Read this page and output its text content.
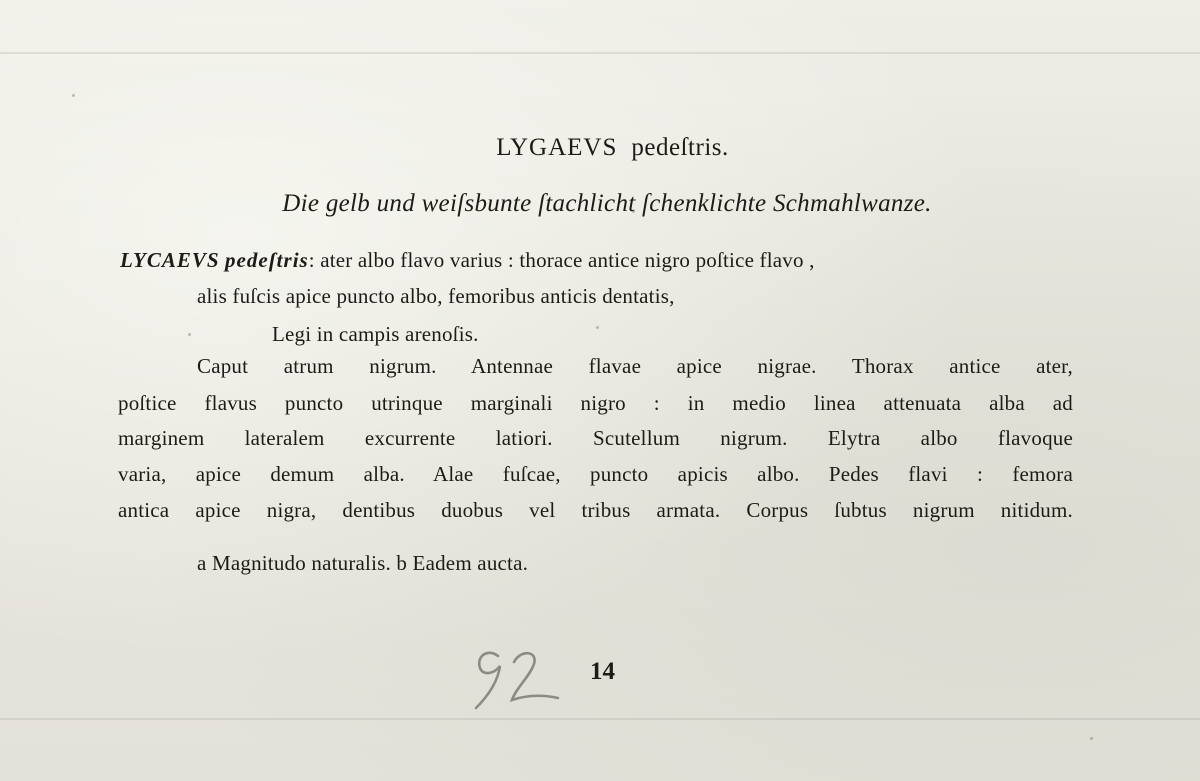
LYGAEVS pedeſtris.
Die gelb und weiſsbunte ſtachlicht ſchenklichte Schmahlwanze.
LYCAEVS pedeſtris: ater albo flavo varius : thorace antice nigro poſtice flavo ,
alis fuſcis apice puncto albo, femoribus anticis dentatis,
Legi in campis arenoſis.
Caput atrum nigrum. Antennae flavae apice nigrae. Thorax antice ater,
poſtice flavus puncto utrinque marginali nigro : in medio linea attenuata alba ad
marginem lateralem excurrente latiori. Scutellum nigrum. Elytra albo flavoque
varia, apice demum alba. Alae fuſcae, puncto apicis albo. Pedes flavi : femora
antica apice nigra, dentibus duobus vel tribus armata. Corpus ſubtus nigrum nitidum.
a Magnitudo naturalis. b Eadem aucta.
14
